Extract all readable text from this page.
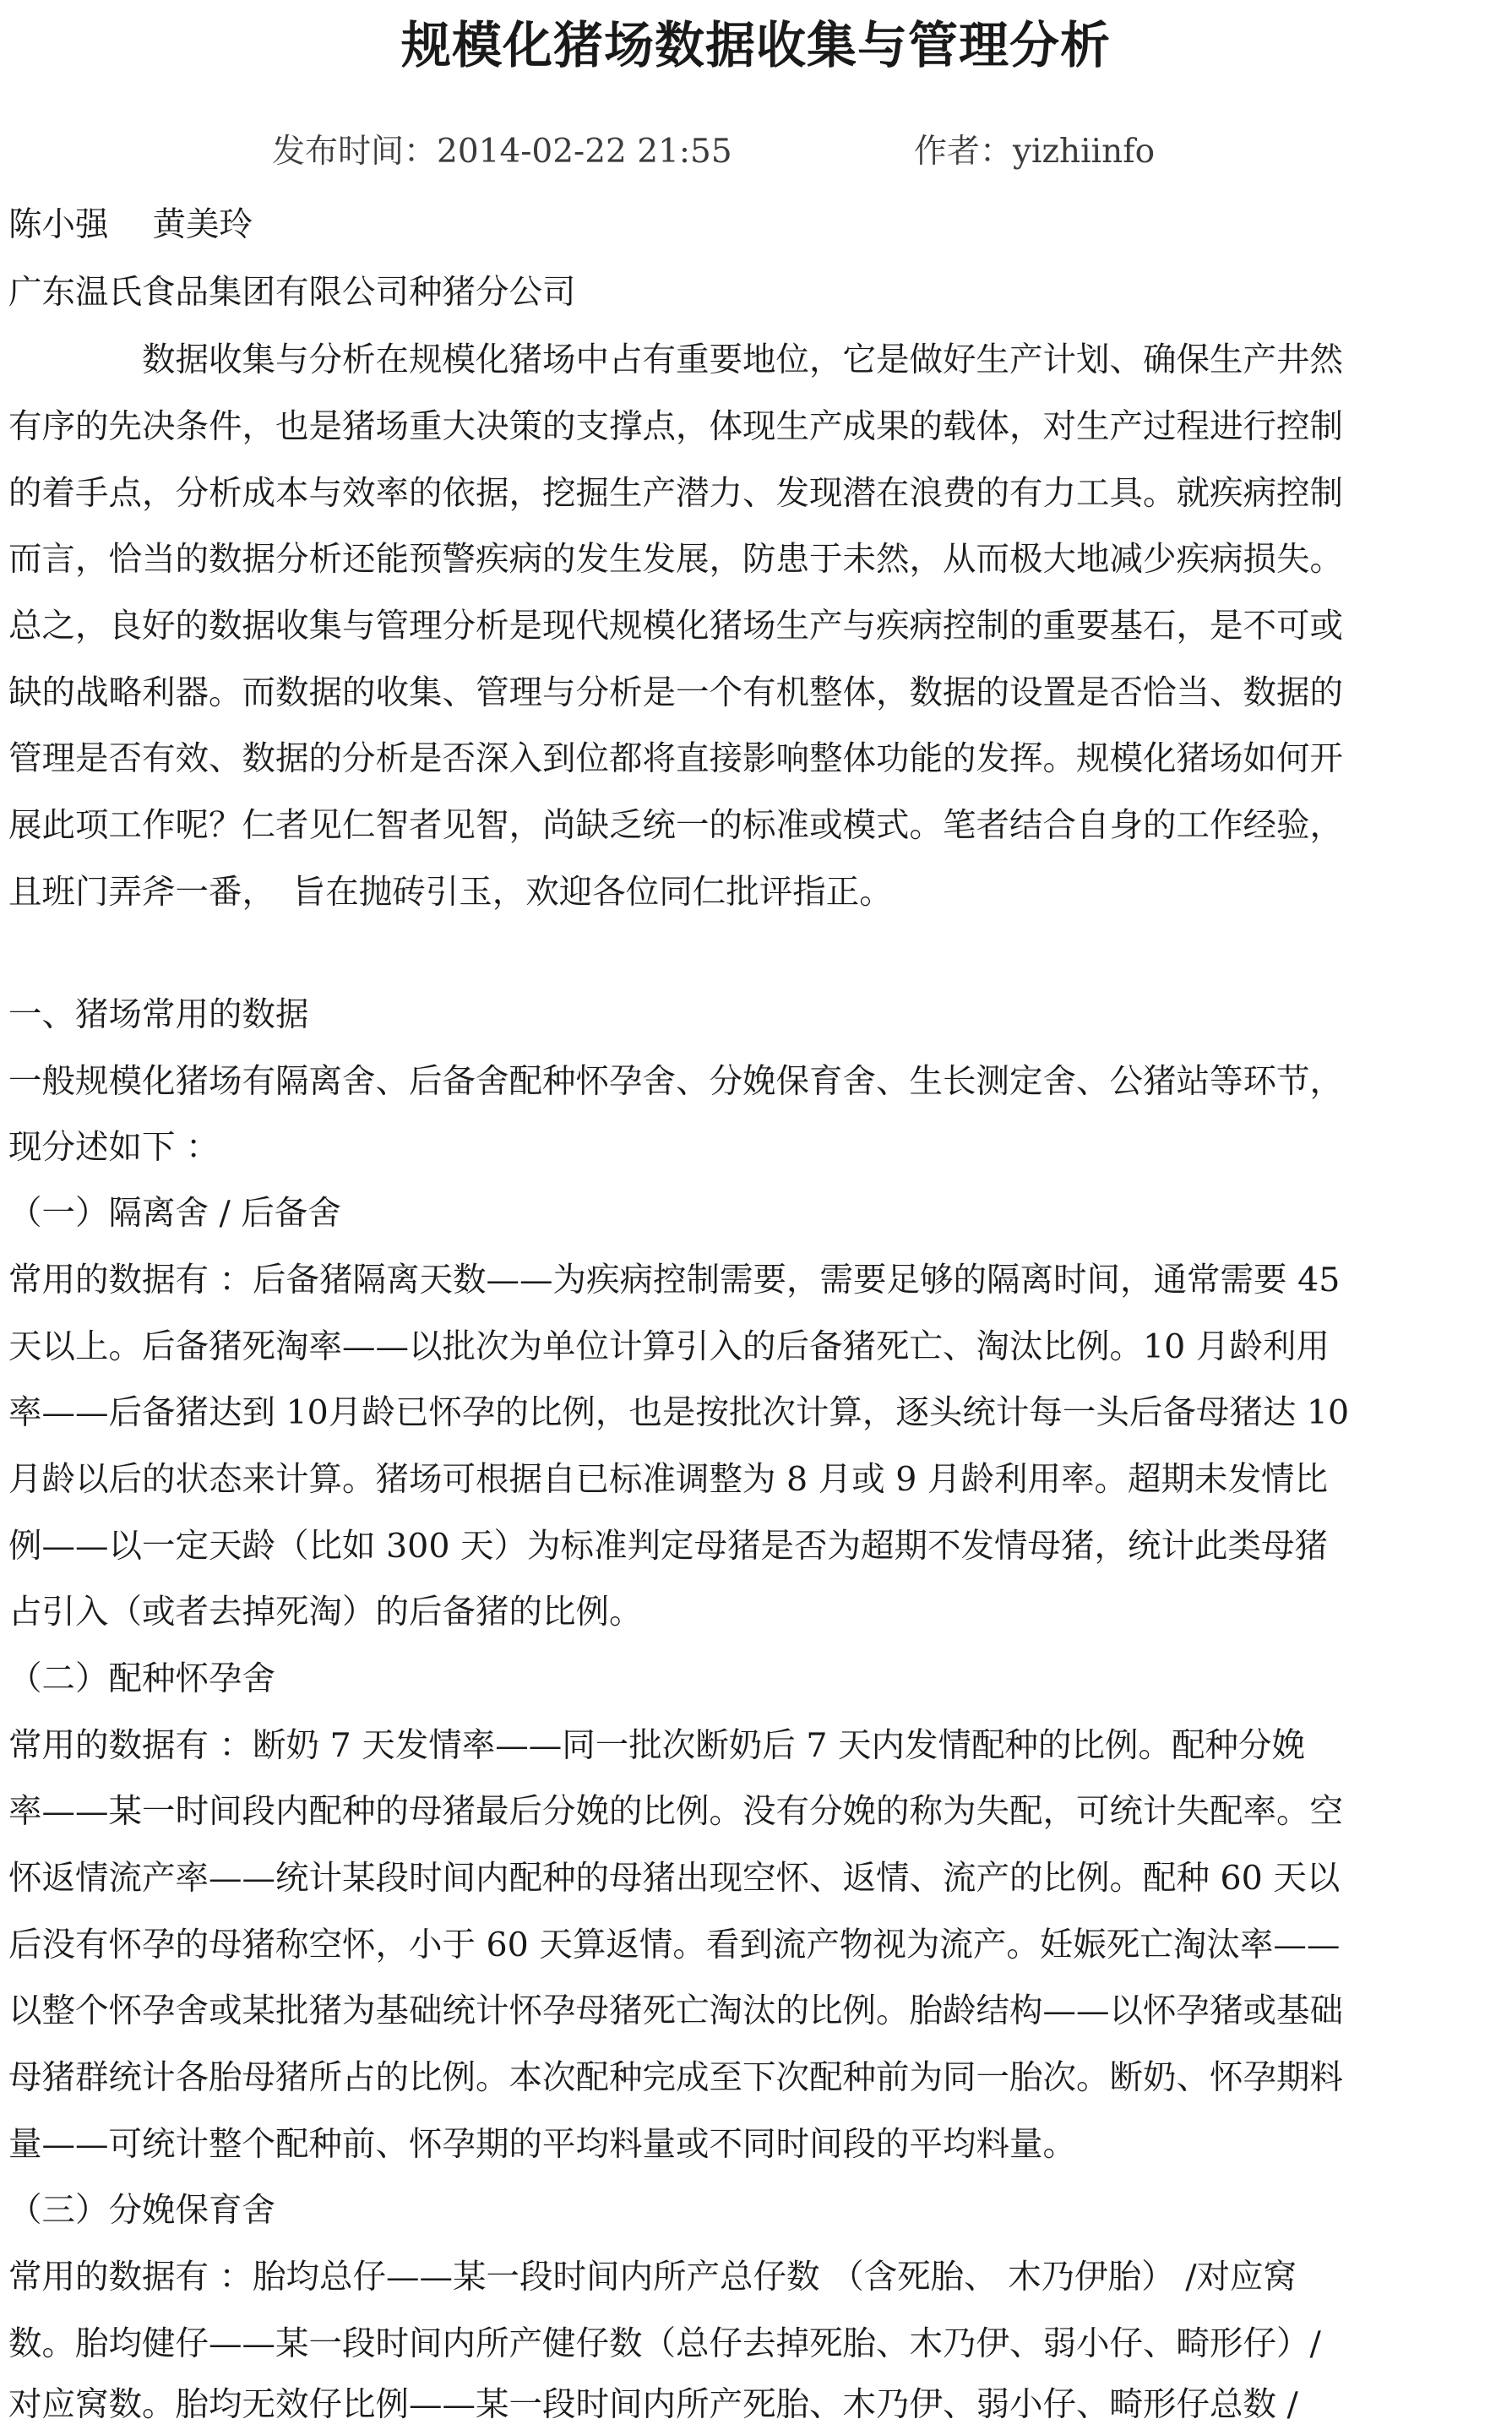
规模化猪场数据收集与管理分析
发布时间：2014-02-22 21:55	作者：yizhiinfo
陈小强　 黄美玲
广东温氏食品集团有限公司种猪分公司
数据收集与分析在规模化猪场中占有重要地位，它是做好生产计划、确保生产井然
有序的先决条件，也是猪场重大决策的支撑点，体现生产成果的载体，对生产过程进行控制
的着手点，分析成本与效率的依据，挖掘生产潜力、发现潜在浪费的有力工具。就疾病控制
而言，恰当的数据分析还能预警疾病的发生发展，防患于未然，从而极大地减少疾病损失。
总之，良好的数据收集与管理分析是现代规模化猪场生产与疾病控制的重要基石，是不可或
缺的战略利器。而数据的收集、管理与分析是一个有机整体，数据的设置是否恰当、数据的
管理是否有效、数据的分析是否深入到位都将直接影响整体功能的发挥。规模化猪场如何开
展此项工作呢？仁者见仁智者见智，尚缺乏统一的标准或模式。笔者结合自身的工作经验，
且班门弄斧一番，　旨在抛砖引玉，欢迎各位同仁批评指正。
一、猪场常用的数据
一般规模化猪场有隔离舍、后备舍配种怀孕舍、分娩保育舍、生长测定舍、公猪站等环节，
现分述如下 ：
（一）隔离舍 / 后备舍
常用的数据有 ：后备猪隔离天数——为疾病控制需要，需要足够的隔离时间，通常需要 45
天以上。后备猪死淘率——以批次为单位计算引入的后备猪死亡、淘汰比例。10 月龄利用
率——后备猪达到 10月龄已怀孕的比例，也是按批次计算，逐头统计每一头后备母猪达 10
月龄以后的状态来计算。猪场可根据自已标准调整为 8 月或 9 月龄利用率。超期未发情比
例——以一定天龄（比如 300 天）为标准判定母猪是否为超期不发情母猪，统计此类母猪
占引入（或者去掉死淘）的后备猪的比例。
（二）配种怀孕舍
常用的数据有 ：断奶 7 天发情率——同一批次断奶后 7 天内发情配种的比例。配种分娩
率——某一时间段内配种的母猪最后分娩的比例。没有分娩的称为失配，可统计失配率。空
怀返情流产率——统计某段时间内配种的母猪出现空怀、返情、流产的比例。配种 60 天以
后没有怀孕的母猪称空怀，小于 60 天算返情。看到流产物视为流产。妊娠死亡淘汰率——
以整个怀孕舍或某批猪为基础统计怀孕母猪死亡淘汰的比例。胎龄结构——以怀孕猪或基础
母猪群统计各胎母猪所占的比例。本次配种完成至下次配种前为同一胎次。断奶、怀孕期料
量——可统计整个配种前、怀孕期的平均料量或不同时间段的平均料量。
（三）分娩保育舍
常用的数据有 ：胎均总仔——某一段时间内所产总仔数 （含死胎、 木乃伊胎） /对应窝
数。胎均健仔——某一段时间内所产健仔数（总仔去掉死胎、木乃伊、弱小仔、畸形仔）/
对应窝数。胎均无效仔比例——某一段时间内所产死胎、木乃伊、弱小仔、畸形仔总数 /
